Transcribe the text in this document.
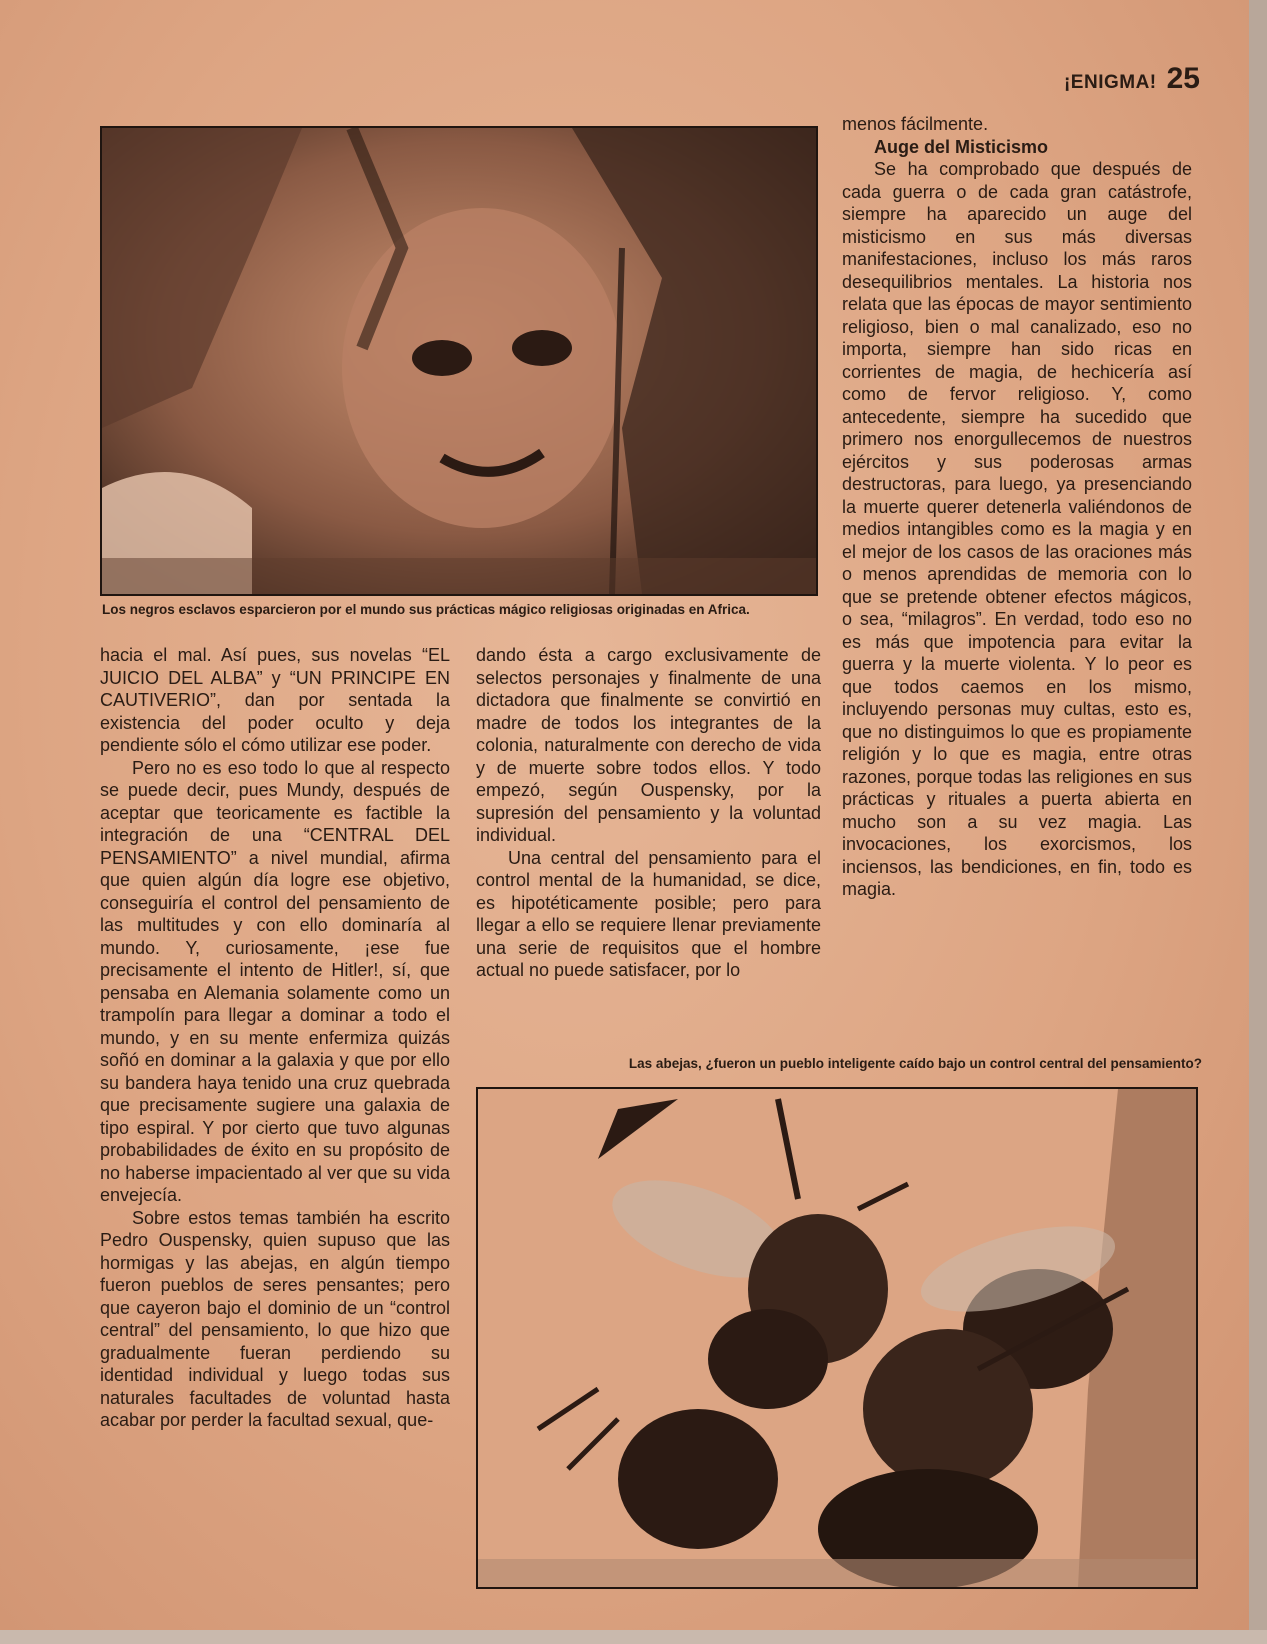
¡ENIGMA! 25
Los negros esclavos esparcieron por el mundo sus prácticas mágico religiosas originadas en Africa.
Las abejas, ¿fueron un pueblo inteligente caído bajo un control central del pensamiento?

hacia el mal. Así pues, sus novelas “EL JUICIO DEL ALBA” y “UN PRINCIPE EN CAUTIVERIO”, dan por sentada la existencia del poder oculto y deja pendiente sólo el cómo utilizar ese poder.

Pero no es eso todo lo que al respecto se puede decir, pues Mundy, después de aceptar que teoricamente es factible la integración de una “CENTRAL DEL PENSAMIENTO” a nivel mundial, afirma que quien algún día logre ese objetivo, conseguiría el control del pensamiento de las multitudes y con ello dominaría al mundo. Y, curiosamente, ¡ese fue precisamente el intento de Hitler!, sí, que pensaba en Alemania solamente como un trampolín para llegar a dominar a todo el mundo, y en su mente enfermiza quizás soñó en dominar a la galaxia y que por ello su bandera haya tenido una cruz quebrada que precisamente sugiere una galaxia de tipo espiral. Y por cierto que tuvo algunas probabilidades de éxito en su propósito de no haberse impacientado al ver que su vida envejecía.

Sobre estos temas también ha escrito Pedro Ouspensky, quien supuso que las hormigas y las abejas, en algún tiempo fueron pueblos de seres pensantes; pero que cayeron bajo el dominio de un “control central” del pensamiento, lo que hizo que gradualmente fueran perdiendo su identidad individual y luego todas sus naturales facultades de voluntad hasta acabar por perder la facultad sexual, que-

dando ésta a cargo exclusivamente de selectos personajes y finalmente de una dictadora que finalmente se convirtió en madre de todos los integrantes de la colonia, naturalmente con derecho de vida y de muerte sobre todos ellos. Y todo empezó, según Ouspensky, por la supresión del pensamiento y la voluntad individual.

Una central del pensamiento para el control mental de la humanidad, se dice, es hipotéticamente posible; pero para llegar a ello se requiere llenar previamente una serie de requisitos que el hombre actual no puede satisfacer, por lo

menos fácilmente.

Auge del Misticismo

Se ha comprobado que después de cada guerra o de cada gran catástrofe, siempre ha aparecido un auge del misticismo en sus más diversas manifestaciones, incluso los más raros desequilibrios mentales. La historia nos relata que las épocas de mayor sentimiento religioso, bien o mal canalizado, eso no importa, siempre han sido ricas en corrientes de magia, de hechicería así como de fervor religioso. Y, como antecedente, siempre ha sucedido que primero nos enorgullecemos de nuestros ejércitos y sus poderosas armas destructoras, para luego, ya presenciando la muerte querer detenerla valiéndonos de medios intangibles como es la magia y en el mejor de los casos de las oraciones más o menos aprendidas de memoria con lo que se pretende obtener efectos mágicos, o sea, “milagros”. En verdad, todo eso no es más que impotencia para evitar la guerra y la muerte violenta. Y lo peor es que todos caemos en los mismo, incluyendo personas muy cultas, esto es, que no distinguimos lo que es propiamente religión y lo que es magia, entre otras razones, porque todas las religiones en sus prácticas y rituales a puerta abierta en mucho son a su vez magia. Las invocaciones, los exorcismos, los inciensos, las bendiciones, en fin, todo es magia.
